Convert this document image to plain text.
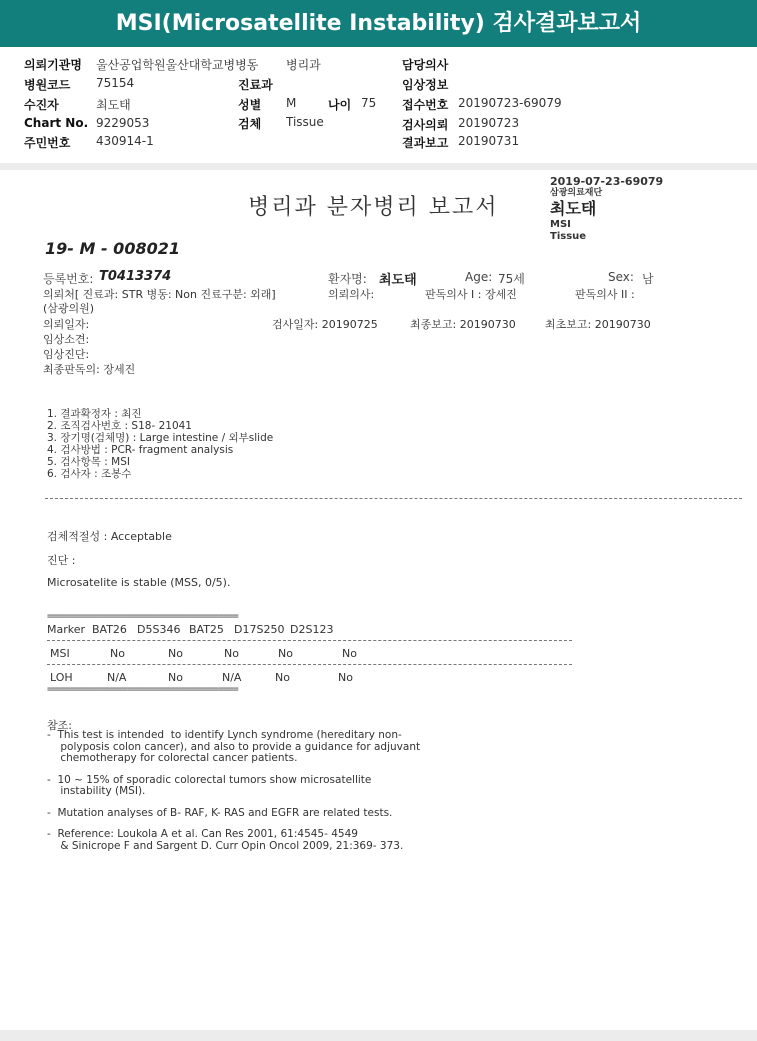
MSI(Microsatellite Instability) 검사결과보고서
의뢰기관명 울산공업학원울산대학교병병동 병리과	담당의사
병원코드 75154	진료과	임상정보
수진자	최도태	성별 M	나이 75 접수번호 20190723-69079
Chart No. 9229053	검체 Tissue	검사의뢰 20190723
주민번호 430914-1	결과보고 20190731
병리과 분자병리 보고서
2019-07-23-69079
삼광의료재단
최도태
MSI
Tissue
19- M - 008021
등록번호: T0413374	환자명: 최도태	Age: 75세	Sex: 남
의뢰처[ 진료과: STR 병동: Non 진료구분: 외래]	의뢰의사:	판독의사 I : 장세진	판독의사 II :
(삼광의원)
의뢰일자:	검사일자: 20190725	최종보고: 20190730	최초보고: 20190730
임상소견:
임상진단:
최종판독의: 장세진
1. 결과확정자 : 최진
2. 조직검사번호 : S18- 21041
3. 장기명(검체명) : Large intestine / 외부slide
4. 검사방법 : PCR- fragment analysis
5. 검사항목 : MSI
6. 검사자 : 조봉수
검체적절성 : Acceptable
진단 :
Microsatelite is stable (MSS, 0/5).
======================================
Marker BAT26 D5S346 BAT25 D17S250 D2S123
MSI	No	No	No	No	No
LOH	N/A	No	N/A	No	No
======================================
참조:
-  This test is intended  to identify Lynch syndrome (hereditary non-
polyposis colon cancer), and also to provide a guidance for adjuvant
chemotherapy for colorectal cancer patients.
-  10 ~ 15% of sporadic colorectal tumors show microsatellite
instability (MSI).
-  Mutation analyses of B- RAF, K- RAS and EGFR are related tests.
-  Reference: Loukola A et al. Can Res 2001, 61:4545- 4549
& Sinicrope F and Sargent D. Curr Opin Oncol 2009, 21:369- 373.
